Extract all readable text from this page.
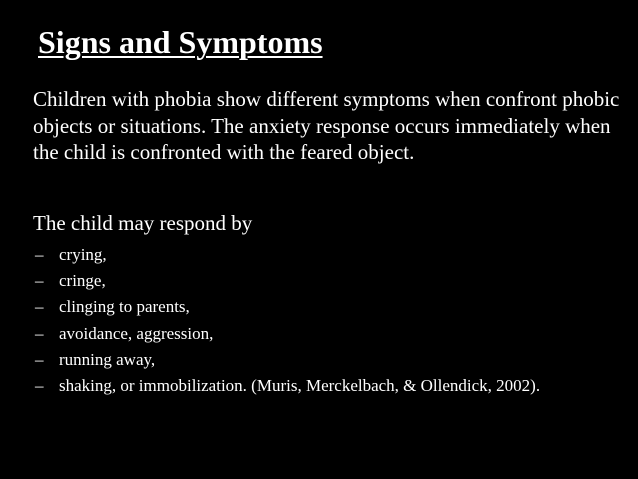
Signs and Symptoms
Children with phobia show different symptoms when confront phobic objects or situations. The anxiety response occurs immediately when the child is confronted with the feared object.
The child may respond by
– crying,
– cringe,
– clinging to parents,
– avoidance, aggression,
– running away,
– shaking, or immobilization. (Muris, Merckelbach, & Ollendick, 2002).
